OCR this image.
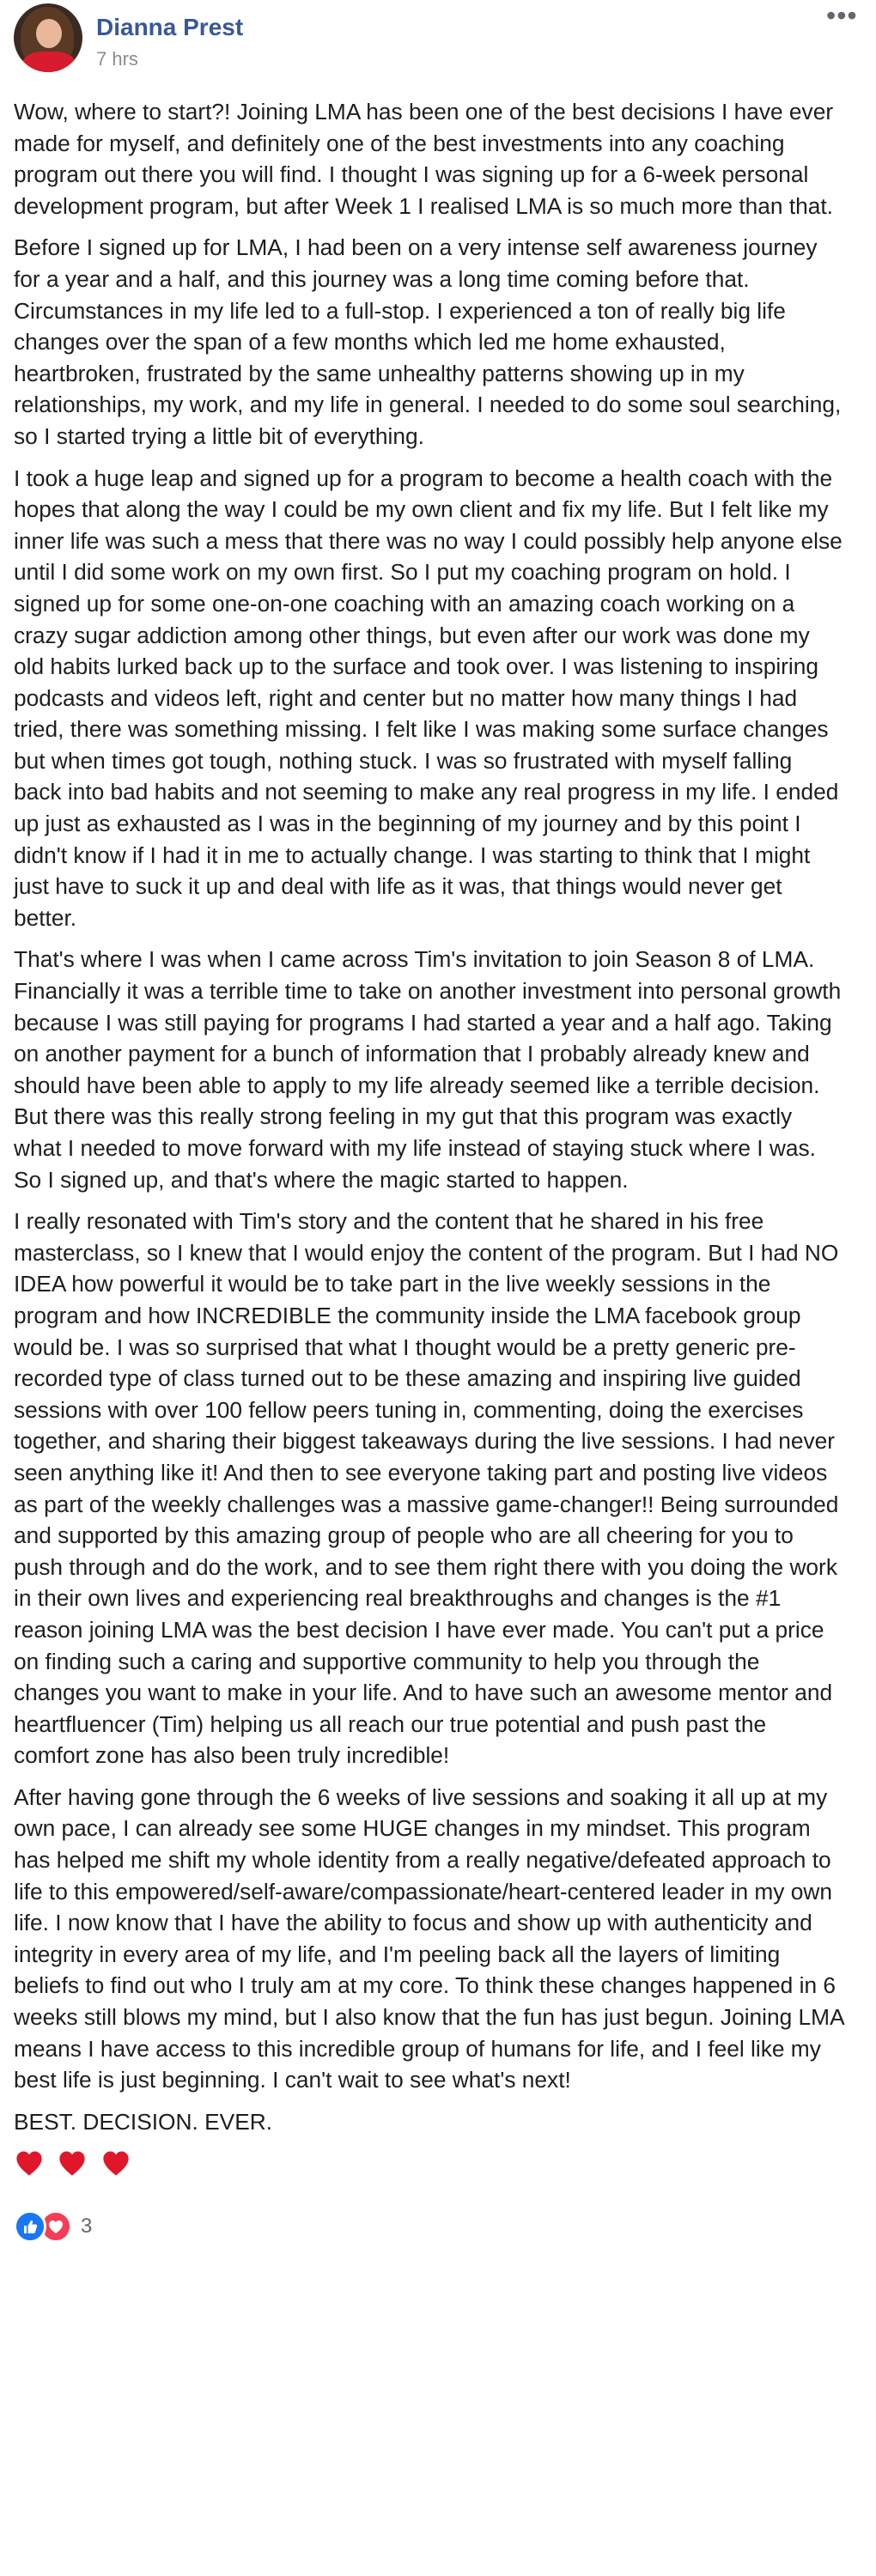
Dianna Prest
7 hrs
•••

Wow, where to start?! Joining LMA has been one of the best decisions I have ever made for myself, and definitely one of the best investments into any coaching program out there you will find. I thought I was signing up for a 6-week personal development program, but after Week 1 I realised LMA is so much more than that.

Before I signed up for LMA, I had been on a very intense self awareness journey for a year and a half, and this journey was a long time coming before that. Circumstances in my life led to a full-stop. I experienced a ton of really big life changes over the span of a few months which led me home exhausted, heartbroken, frustrated by the same unhealthy patterns showing up in my relationships, my work, and my life in general. I needed to do some soul searching, so I started trying a little bit of everything.

I took a huge leap and signed up for a program to become a health coach with the hopes that along the way I could be my own client and fix my life. But I felt like my inner life was such a mess that there was no way I could possibly help anyone else until I did some work on my own first. So I put my coaching program on hold. I signed up for some one-on-one coaching with an amazing coach working on a crazy sugar addiction among other things, but even after our work was done my old habits lurked back up to the surface and took over. I was listening to inspiring podcasts and videos left, right and center but no matter how many things I had tried, there was something missing. I felt like I was making some surface changes but when times got tough, nothing stuck. I was so frustrated with myself falling back into bad habits and not seeming to make any real progress in my life. I ended up just as exhausted as I was in the beginning of my journey and by this point I didn't know if I had it in me to actually change. I was starting to think that I might just have to suck it up and deal with life as it was, that things would never get better.

That's where I was when I came across Tim's invitation to join Season 8 of LMA. Financially it was a terrible time to take on another investment into personal growth because I was still paying for programs I had started a year and a half ago. Taking on another payment for a bunch of information that I probably already knew and should have been able to apply to my life already seemed like a terrible decision. But there was this really strong feeling in my gut that this program was exactly what I needed to move forward with my life instead of staying stuck where I was. So I signed up, and that's where the magic started to happen.

I really resonated with Tim's story and the content that he shared in his free masterclass, so I knew that I would enjoy the content of the program. But I had NO IDEA how powerful it would be to take part in the live weekly sessions in the program and how INCREDIBLE the community inside the LMA facebook group would be. I was so surprised that what I thought would be a pretty generic pre-recorded type of class turned out to be these amazing and inspiring live guided sessions with over 100 fellow peers tuning in, commenting, doing the exercises together, and sharing their biggest takeaways during the live sessions. I had never seen anything like it! And then to see everyone taking part and posting live videos as part of the weekly challenges was a massive game-changer!! Being surrounded and supported by this amazing group of people who are all cheering for you to push through and do the work, and to see them right there with you doing the work in their own lives and experiencing real breakthroughs and changes is the #1 reason joining LMA was the best decision I have ever made. You can't put a price on finding such a caring and supportive community to help you through the changes you want to make in your life. And to have such an awesome mentor and heartfluencer (Tim) helping us all reach our true potential and push past the comfort zone has also been truly incredible!

After having gone through the 6 weeks of live sessions and soaking it all up at my own pace, I can already see some HUGE changes in my mindset. This program has helped me shift my whole identity from a really negative/defeated approach to life to this empowered/self-aware/compassionate/heart-centered leader in my own life. I now know that I have the ability to focus and show up with authenticity and integrity in every area of my life, and I'm peeling back all the layers of limiting beliefs to find out who I truly am at my core. To think these changes happened in 6 weeks still blows my mind, but I also know that the fun has just begun. Joining LMA means I have access to this incredible group of humans for life, and I feel like my best life is just beginning. I can't wait to see what's next!

BEST. DECISION. EVER.

3
